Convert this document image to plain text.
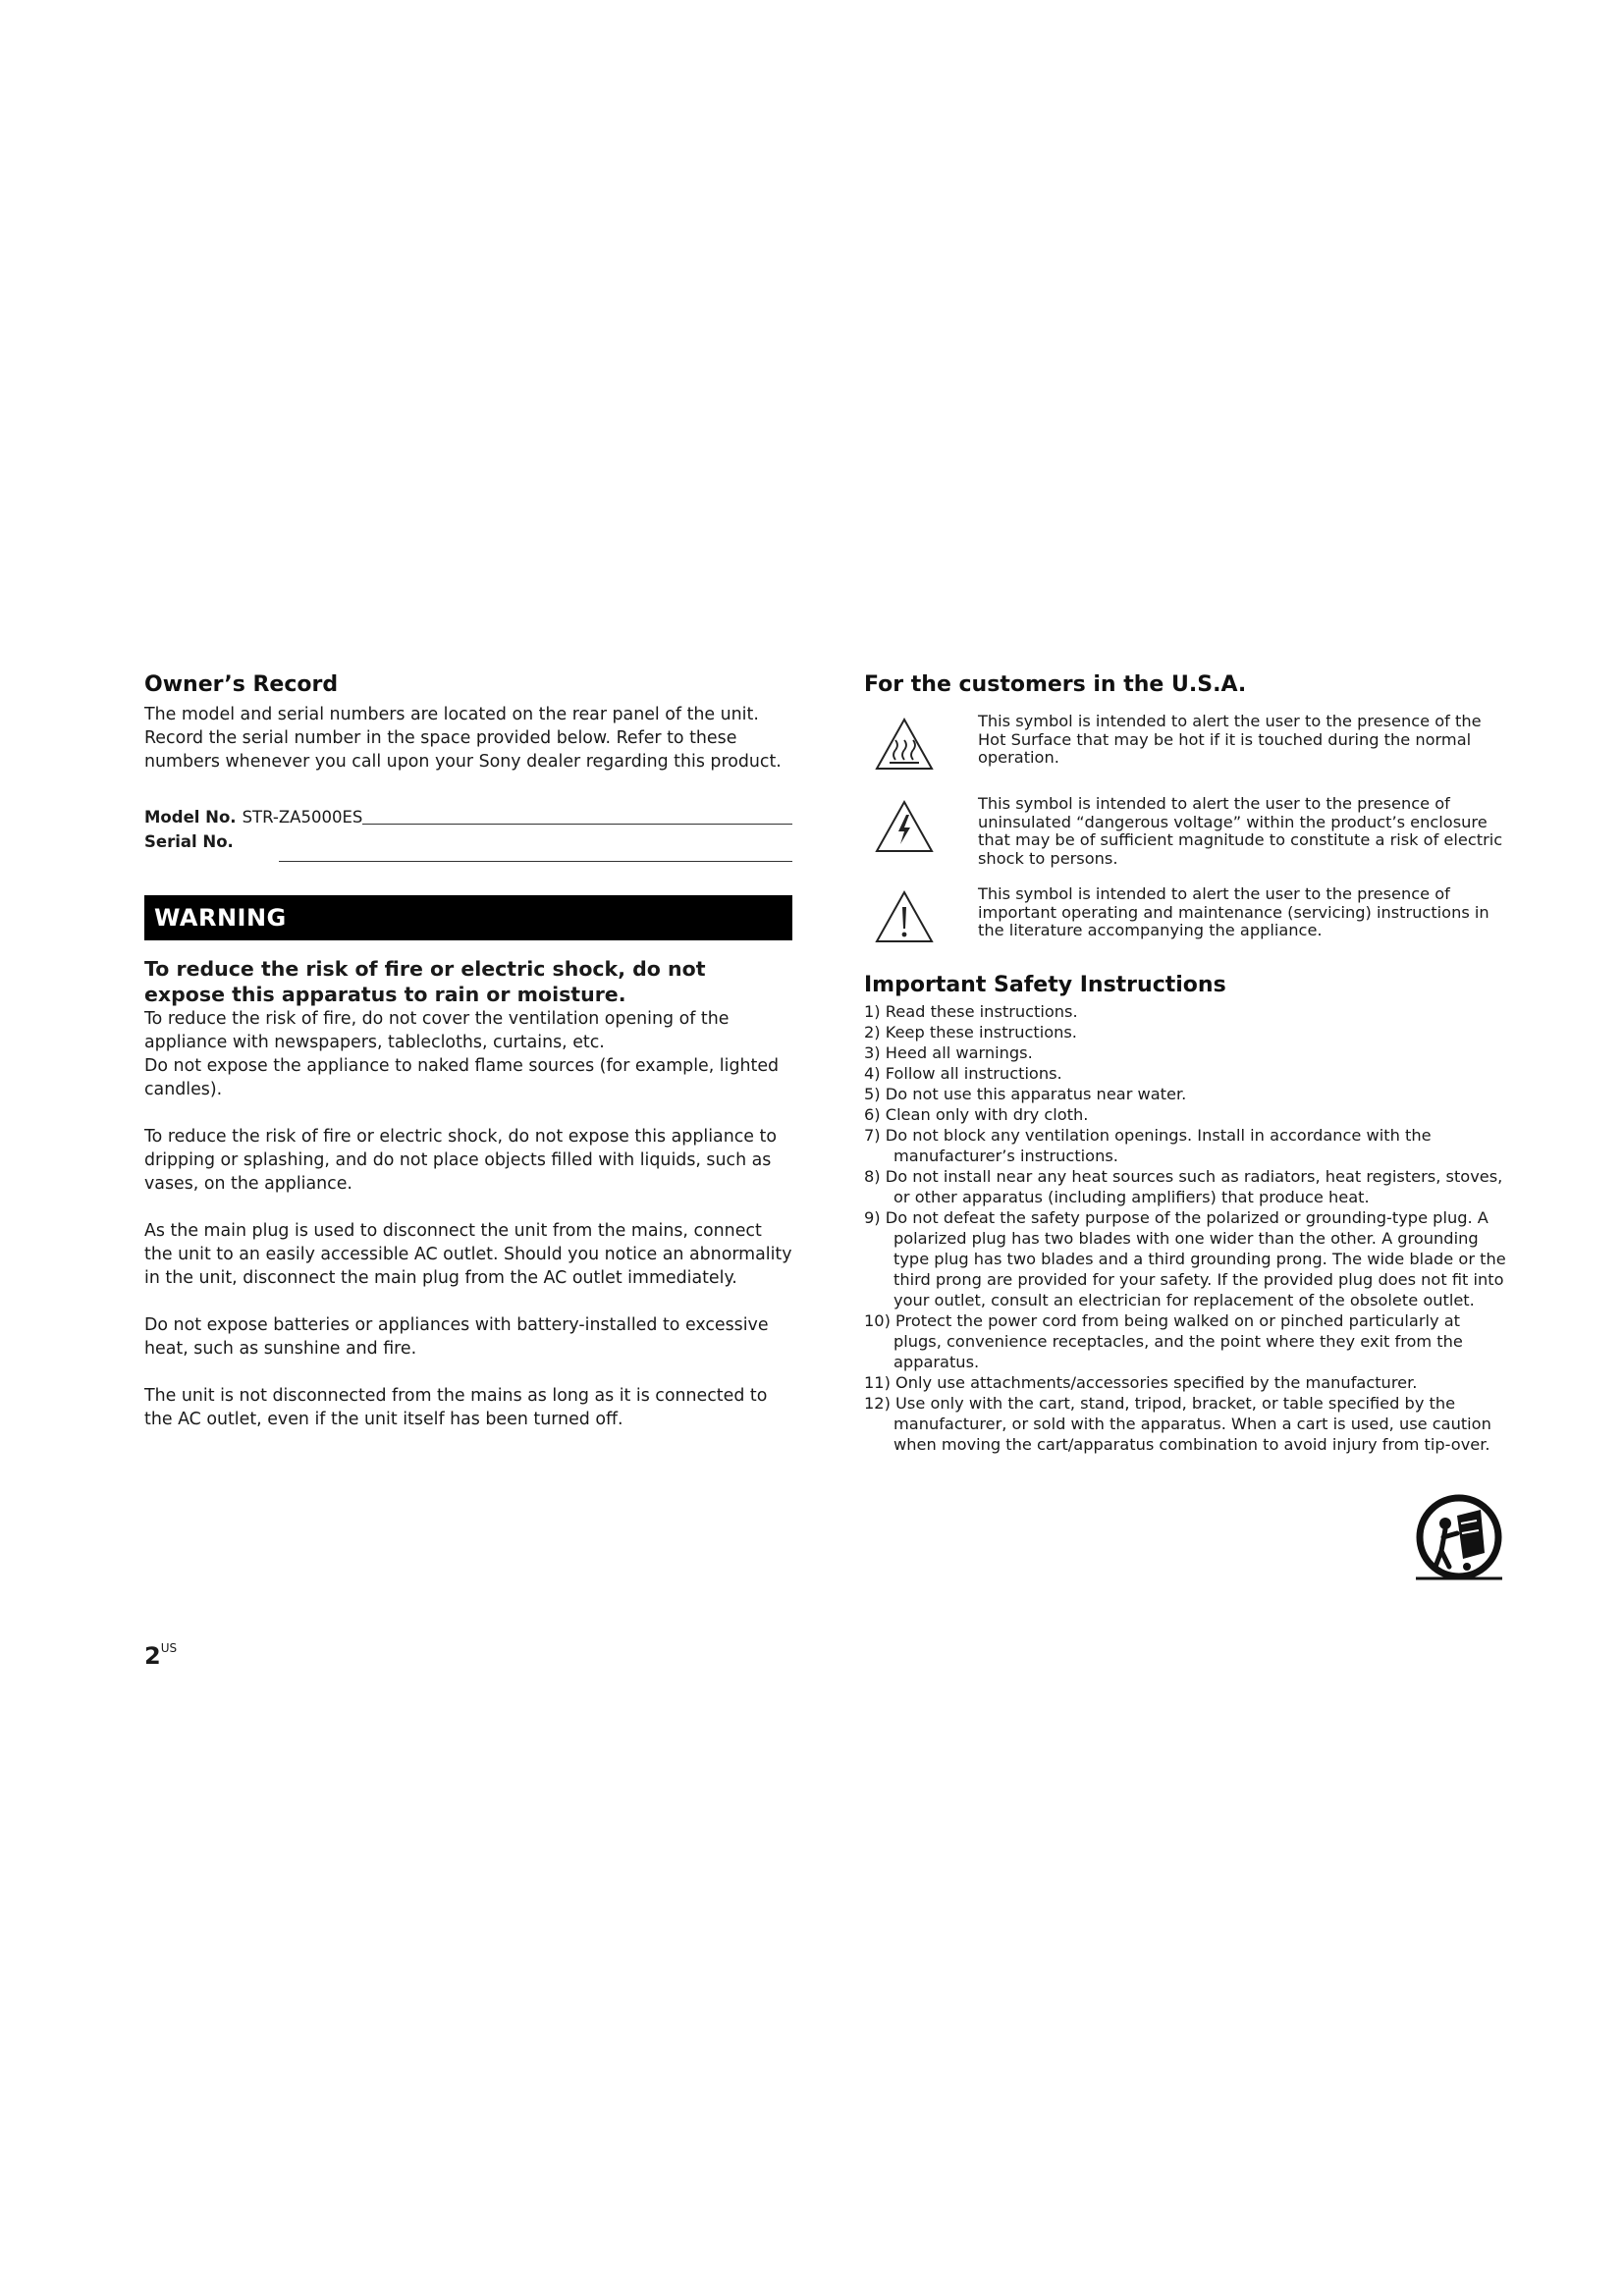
Owner’s Record

The model and serial numbers are located on the rear panel of the unit. Record the serial number in the space provided below. Refer to these numbers whenever you call upon your Sony dealer regarding this product.

Model No. STR-ZA5000ES
Serial No.
WARNING
To reduce the risk of fire or electric shock, do not expose this apparatus to rain or moisture.

To reduce the risk of fire, do not cover the ventilation opening of the appliance with newspapers, tablecloths, curtains, etc.

Do not expose the appliance to naked flame sources (for example, lighted candles).

To reduce the risk of fire or electric shock, do not expose this appliance to dripping or splashing, and do not place objects filled with liquids, such as vases, on the appliance.

As the main plug is used to disconnect the unit from the mains, connect the unit to an easily accessible AC outlet. Should you notice an abnormality in the unit, disconnect the main plug from the AC outlet immediately.

Do not expose batteries or appliances with battery-installed to excessive heat, such as sunshine and fire.

The unit is not disconnected from the mains as long as it is connected to the AC outlet, even if the unit itself has been turned off.

For the customers in the U.S.A.
This symbol is intended to alert the user to the presence of the Hot Surface that may be hot if it is touched during the normal operation.
This symbol is intended to alert the user to the presence of uninsulated “dangerous voltage” within the product’s enclosure that may be of sufficient magnitude to constitute a risk of electric shock to persons.
This symbol is intended to alert the user to the presence of important operating and maintenance (servicing) instructions in the literature accompanying the appliance.
Important Safety Instructions
1) Read these instructions.
2) Keep these instructions.
3) Heed all warnings.
4) Follow all instructions.
5) Do not use this apparatus near water.
6) Clean only with dry cloth.
7) Do not block any ventilation openings. Install in accordance with the manufacturer’s instructions.
8) Do not install near any heat sources such as radiators, heat registers, stoves, or other apparatus (including amplifiers) that produce heat.
9) Do not defeat the safety purpose of the polarized or grounding-type plug. A polarized plug has two blades with one wider than the other. A grounding type plug has two blades and a third grounding prong. The wide blade or the third prong are provided for your safety. If the provided plug does not fit into your outlet, consult an electrician for replacement of the obsolete outlet.
10) Protect the power cord from being walked on or pinched particularly at plugs, convenience receptacles, and the point where they exit from the apparatus.
11) Only use attachments/accessories specified by the manufacturer.
12) Use only with the cart, stand, tripod, bracket, or table specified by the manufacturer, or sold with the apparatus. When a cart is used, use caution when moving the cart/apparatus combination to avoid injury from tip-over.
$2^{US}$
